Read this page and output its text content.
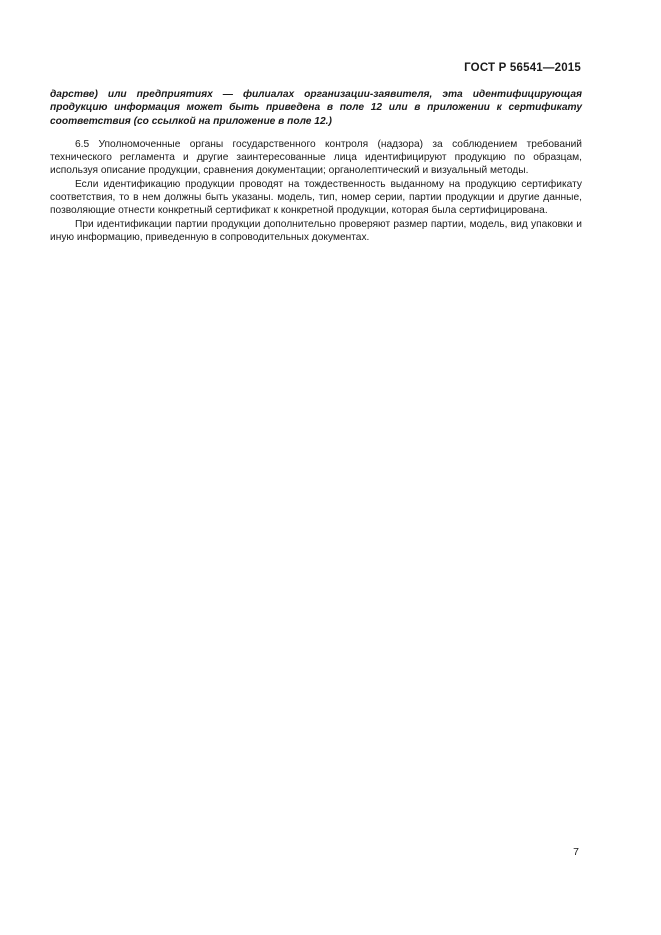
ГОСТ Р 56541—2015

дарстве) или предприятиях — филиалах организации-заявителя, эта идентифицирующая продукцию информация может быть приведена в поле 12 или в приложении к сертификату соответствия (со ссылкой на приложение в поле 12.)

6.5 Уполномоченные органы государственного контроля (надзора) за соблюдением требований технического регламента и другие заинтересованные лица идентифицируют продукцию по образцам, используя описание продукции, сравнения документации; органолептический и визуальный методы.

Если идентификацию продукции проводят на тождественность выданному на продукцию сертификату соответствия, то в нем должны быть указаны. модель, тип, номер серии, партии продукции и другие данные, позволяющие отнести конкретный сертификат к конкретной продукции, которая была сертифицирована.

При идентификации партии продукции дополнительно проверяют размер партии, модель, вид упаковки и иную информацию, приведенную в сопроводительных документах.

7
